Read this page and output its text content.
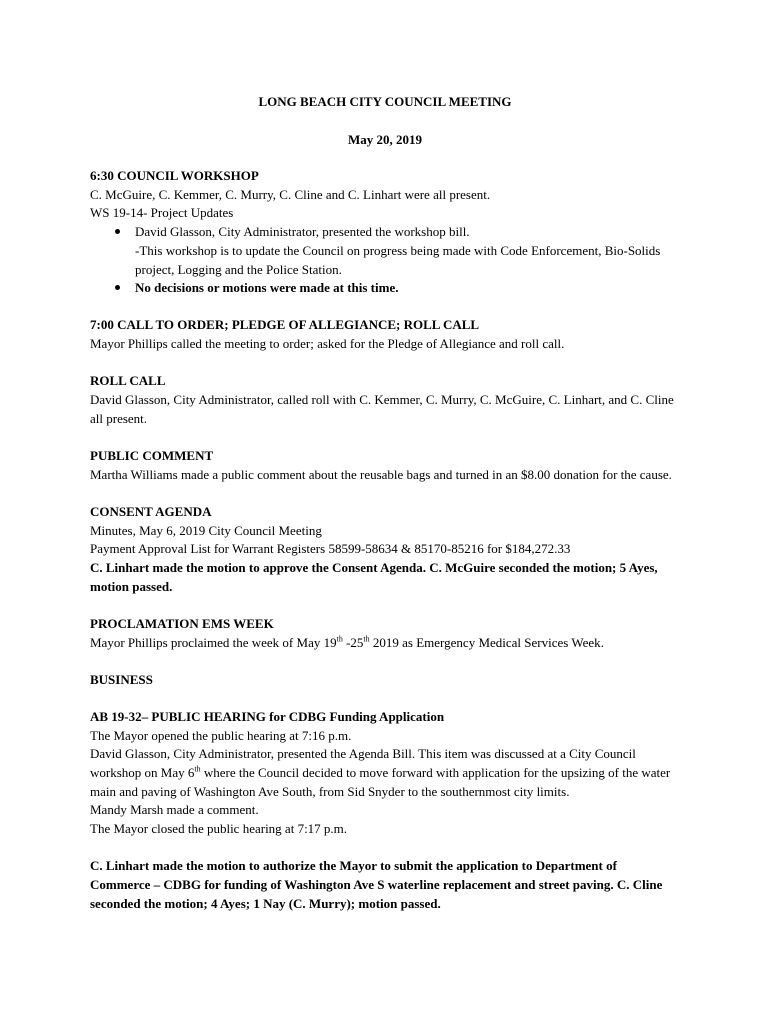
LONG BEACH CITY COUNCIL MEETING
May 20, 2019

6:30 COUNCIL WORKSHOP

C. McGuire, C. Kemmer, C. Murry, C. Cline and C. Linhart were all present.

WS 19-14- Project Updates

David Glasson, City Administrator, presented the workshop bill.
-This workshop is to update the Council on progress being made with Code Enforcement, Bio-Solids project, Logging and the Police Station.
No decisions or motions were made at this time.

7:00 CALL TO ORDER; PLEDGE OF ALLEGIANCE; ROLL CALL

Mayor Phillips called the meeting to order; asked for the Pledge of Allegiance and roll call.

ROLL CALL

David Glasson, City Administrator, called roll with C. Kemmer, C. Murry, C. McGuire, C. Linhart, and C. Cline all present.

PUBLIC COMMENT

Martha Williams made a public comment about the reusable bags and turned in an $8.00 donation for the cause.

CONSENT AGENDA

Minutes, May 6, 2019 City Council Meeting

Payment Approval List for Warrant Registers 58599-58634 & 85170-85216 for $184,272.33

C. Linhart made the motion to approve the Consent Agenda. C. McGuire seconded the motion; 5 Ayes, motion passed.

PROCLAMATION EMS WEEK

Mayor Phillips proclaimed the week of May 19th -25th 2019 as Emergency Medical Services Week.

BUSINESS

AB 19-32– PUBLIC HEARING for CDBG Funding Application

The Mayor opened the public hearing at 7:16 p.m.

David Glasson, City Administrator, presented the Agenda Bill. This item was discussed at a City Council workshop on May 6th where the Council decided to move forward with application for the upsizing of the water main and paving of Washington Ave South, from Sid Snyder to the southernmost city limits.

Mandy Marsh made a comment.

The Mayor closed the public hearing at 7:17 p.m.

C. Linhart made the motion to authorize the Mayor to submit the application to Department of Commerce – CDBG for funding of Washington Ave S waterline replacement and street paving. C. Cline seconded the motion; 4 Ayes; 1 Nay (C. Murry); motion passed.
